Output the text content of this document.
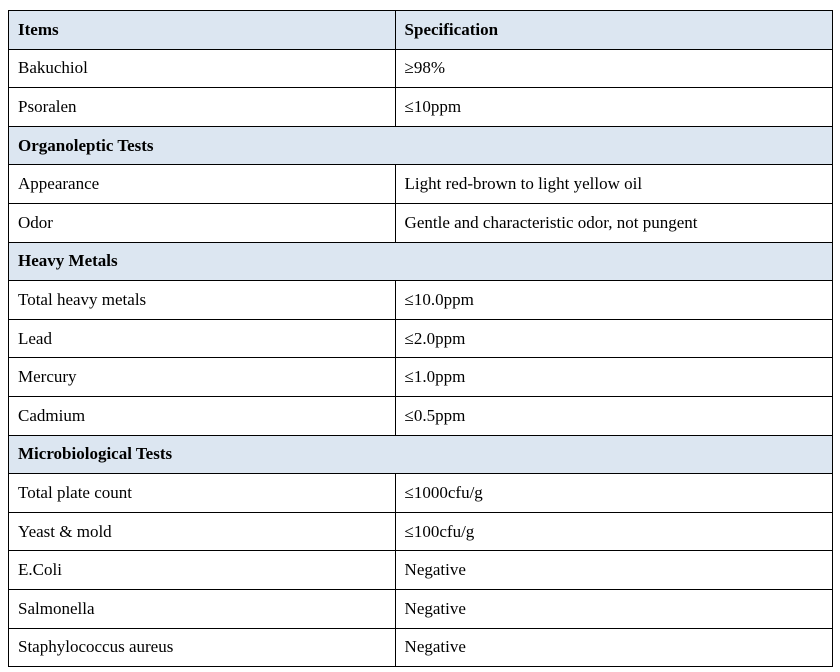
Items	Specification
Bakuchiol	≥98%
Psoralen	≤10ppm
Organoleptic Tests	
Appearance	Light red-brown to light yellow oil
Odor	Gentle and characteristic odor, not pungent
Heavy Metals	
Total heavy metals	≤10.0ppm
Lead	≤2.0ppm
Mercury	≤1.0ppm
Cadmium	≤0.5ppm
Microbiological Tests	
Total plate count	≤1000cfu/g
Yeast & mold	≤100cfu/g
E.Coli	Negative
Salmonella	Negative
Staphylococcus aureus	Negative
